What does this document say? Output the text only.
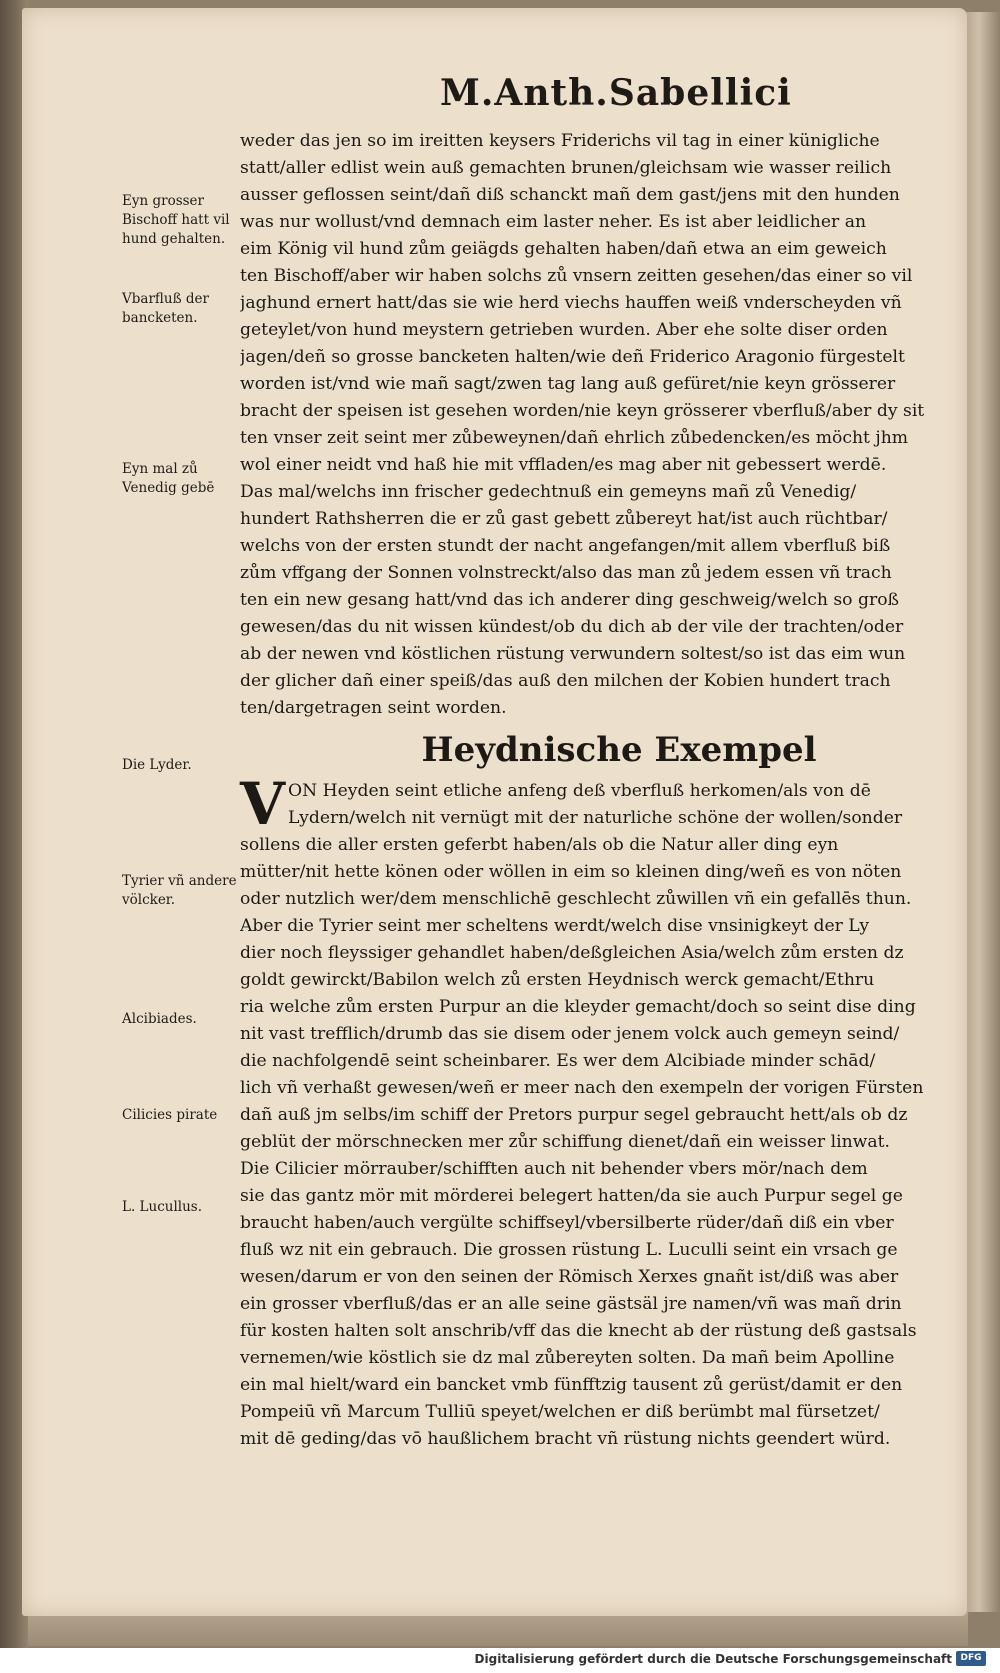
M.Anth.Sabellici
Eyn grosser Bischoff hatt vil hund gehalten.
Vbarfluß der bancketen.
Eyn mal zů Venedig gebē
Die Lyder.
Tyrier vñ andere völcker.
Alcibiades.
Cilicies pirate
L. Lucullus.
weder das jen so im ireitten keysers Friderichs vil tag in einer künigliche
statt/aller edlist wein auß gemachten brunen/gleichsam wie wasser reilich
ausser geflossen seint/dañ diß schanckt mañ dem gast/jens mit den hunden
was nur wollust/vnd demnach eim laster neher. Es ist aber leidlicher an
eim König vil hund zům geiägds gehalten haben/dañ etwa an eim geweich
ten Bischoff/aber wir haben solchs zů vnsern zeitten gesehen/das einer so vil
jaghund ernert hatt/das sie wie herd viechs hauffen weiß vnderscheyden vñ
geteylet/von hund meystern getrieben wurden. Aber ehe solte diser orden
jagen/deñ so grosse bancketen halten/wie deñ Friderico Aragonio fürgestelt
worden ist/vnd wie mañ sagt/zwen tag lang auß gefüret/nie keyn grösserer
bracht der speisen ist gesehen worden/nie keyn grösserer vberfluß/aber dy sit
ten vnser zeit seint mer zůbeweynen/dañ ehrlich zůbedencken/es möcht jhm
wol einer neidt vnd haß hie mit vffladen/es mag aber nit gebessert werdē.
Das mal/welchs inn frischer gedechtnuß ein gemeyns mañ zů Venedig/
hundert Rathsherren die er zů gast gebett zůbereyt hat/ist auch rüchtbar/
welchs von der ersten stundt der nacht angefangen/mit allem vberfluß biß
zům vffgang der Sonnen volnstreckt/also das man zů jedem essen vñ trach
ten ein new gesang hatt/vnd das ich anderer ding geschweig/welch so groß
gewesen/das du nit wissen kündest/ob du dich ab der vile der trachten/oder
ab der newen vnd köstlichen rüstung verwundern soltest/so ist das eim wun
der glicher dañ einer speiß/das auß den milchen der Kobien hundert trach
ten/dargetragen seint worden.
Heydnische Exempel
V ON Heyden seint etliche anfeng deß vberfluß herkomen/als von dē
Lydern/welch nit vernügt mit der naturliche schöne der wollen/sonder
sollens die aller ersten geferbt haben/als ob die Natur aller ding eyn
mütter/nit hette könen oder wöllen in eim so kleinen ding/weñ es von nöten
oder nutzlich wer/dem menschlichē geschlecht zůwillen vñ ein gefallēs thun.
Aber die Tyrier seint mer scheltens werdt/welch dise vnsinigkeyt der Ly
dier noch fleyssiger gehandlet haben/deßgleichen Asia/welch zům ersten dz
goldt gewirckt/Babilon welch zů ersten Heydnisch werck gemacht/Ethru
ria welche zům ersten Purpur an die kleyder gemacht/doch so seint dise ding
nit vast trefflich/drumb das sie disem oder jenem volck auch gemeyn seind/
die nachfolgendē seint scheinbarer. Es wer dem Alcibiade minder schād/
lich vñ verhaßt gewesen/weñ er meer nach den exempeln der vorigen Fürsten
dañ auß jm selbs/im schiff der Pretors purpur segel gebraucht hett/als ob dz
geblüt der mörschnecken mer zůr schiffung dienet/dañ ein weisser linwat.
Die Cilicier mörrauber/schifften auch nit behender vbers mör/nach dem
sie das gantz mör mit mörderei belegert hatten/da sie auch Purpur segel ge
braucht haben/auch vergülte schiffseyl/vbersilberte rüder/dañ diß ein vber
fluß wz nit ein gebrauch. Die grossen rüstung L. Luculli seint ein vrsach ge
wesen/darum er von den seinen der Römisch Xerxes gnañt ist/diß was aber
ein grosser vberfluß/das er an alle seine gästsäl jre namen/vñ was mañ drin
für kosten halten solt anschrib/vff das die knecht ab der rüstung deß gastsals
vernemen/wie köstlich sie dz mal zůbereyten solten. Da mañ beim Apolline
ein mal hielt/ward ein bancket vmb fünfftzig tausent zů gerüst/damit er den
Pompeiū vñ Marcum Tulliū speyet/welchen er diß berümbt mal fürsetzet/
mit dē geding/das vō haußlichem bracht vñ rüstung nichts geendert würd.
Digitalisierung gefördert durch die Deutsche Forschungsgemeinschaft DFG
